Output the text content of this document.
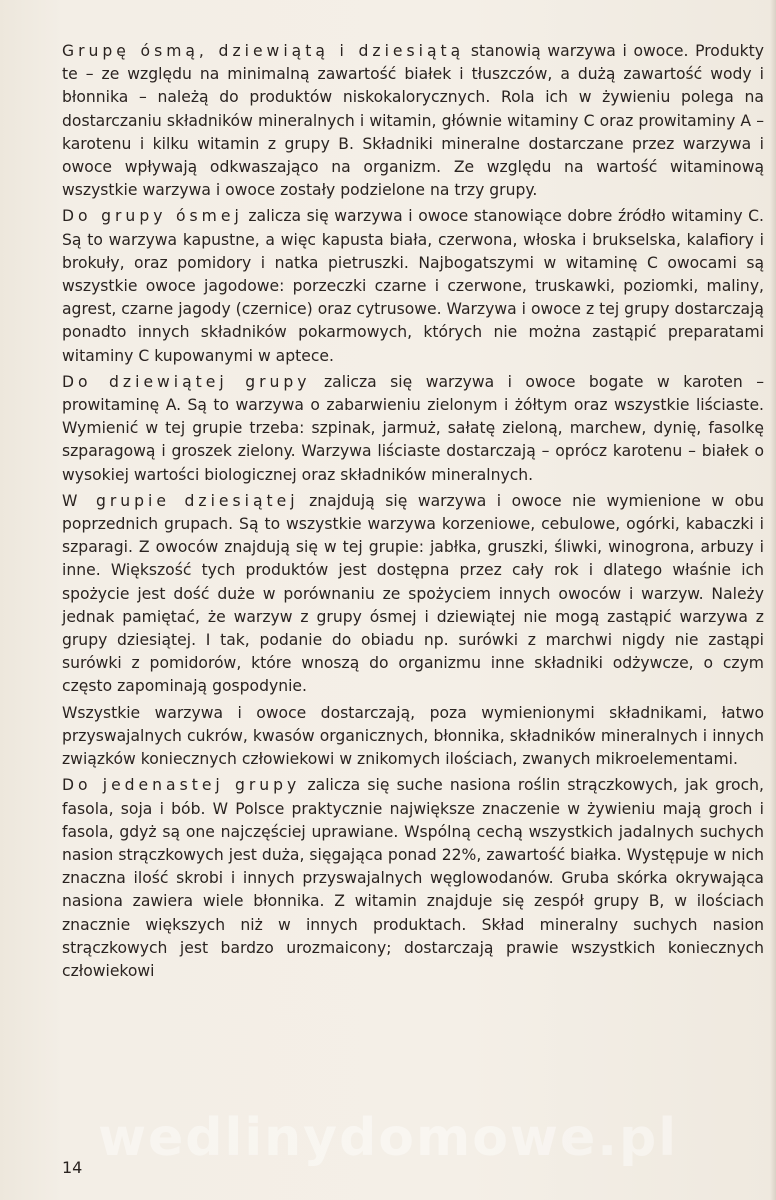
Grupę ósmą, dziewiątą i dziesiątą stanowią warzywa i owoce. Produkty te – ze względu na minimalną zawartość białek i tłuszczów, a dużą zawartość wody i błonnika – należą do produktów niskokalorycznych. Rola ich w żywieniu polega na dostarczaniu składników mineralnych i witamin, głównie witaminy C oraz prowitaminy A – karotenu i kilku witamin z grupy B. Składniki mineralne dostarczane przez warzywa i owoce wpływają odkwaszająco na organizm. Ze względu na wartość witaminową wszystkie warzywa i owoce zostały podzielone na trzy grupy.

Do grupy ósmej zalicza się warzywa i owoce stanowiące dobre źródło witaminy C. Są to warzywa kapustne, a więc kapusta biała, czerwona, włoska i brukselska, kalafiory i brokuły, oraz pomidory i natka pietruszki. Najbogatszymi w witaminę C owocami są wszystkie owoce jagodowe: porzeczki czarne i czerwone, truskawki, poziomki, maliny, agrest, czarne jagody (czernice) oraz cytrusowe. Warzywa i owoce z tej grupy dostarczają ponadto innych składników pokarmowych, których nie można zastąpić preparatami witaminy C kupowanymi w aptece.

Do dziewiątej grupy zalicza się warzywa i owoce bogate w karoten – prowitaminę A. Są to warzywa o zabarwieniu zielonym i żółtym oraz wszystkie liściaste. Wymienić w tej grupie trzeba: szpinak, jarmuż, sałatę zieloną, marchew, dynię, fasolkę szparagową i groszek zielony. Warzywa liściaste dostarczają – oprócz karotenu – białek o wysokiej wartości biologicznej oraz składników mineralnych.

W grupie dziesiątej znajdują się warzywa i owoce nie wymienione w obu poprzednich grupach. Są to wszystkie warzywa korzeniowe, cebulowe, ogórki, kabaczki i szparagi. Z owoców znajdują się w tej grupie: jabłka, gruszki, śliwki, winogrona, arbuzy i inne. Większość tych produktów jest dostępna przez cały rok i dlatego właśnie ich spożycie jest dość duże w porównaniu ze spożyciem innych owoców i warzyw. Należy jednak pamiętać, że warzyw z grupy ósmej i dziewiątej nie mogą zastąpić warzywa z grupy dziesiątej. I tak, podanie do obiadu np. surówki z marchwi nigdy nie zastąpi surówki z pomidorów, które wnoszą do organizmu inne składniki odżywcze, o czym często zapominają gospodynie.

Wszystkie warzywa i owoce dostarczają, poza wymienionymi składnikami, łatwo przyswajalnych cukrów, kwasów organicznych, błonnika, składników mineralnych i innych związków koniecznych człowiekowi w znikomych ilościach, zwanych mikroelementami.

Do jedenastej grupy zalicza się suche nasiona roślin strączkowych, jak groch, fasola, soja i bób. W Polsce praktycznie największe znaczenie w żywieniu mają groch i fasola, gdyż są one najczęściej uprawiane. Wspólną cechą wszystkich jadalnych suchych nasion strączkowych jest duża, sięgająca ponad 22%, zawartość białka. Występuje w nich znaczna ilość skrobi i innych przyswajalnych węglowodanów. Gruba skórka okrywająca nasiona zawiera wiele błonnika. Z witamin znajduje się zespół grupy B, w ilościach znacznie większych niż w innych produktach. Skład mineralny suchych nasion strączkowych jest bardzo urozmaicony; dostarczają prawie wszystkich koniecznych człowiekowi

wedlinydomowe.pl
14
